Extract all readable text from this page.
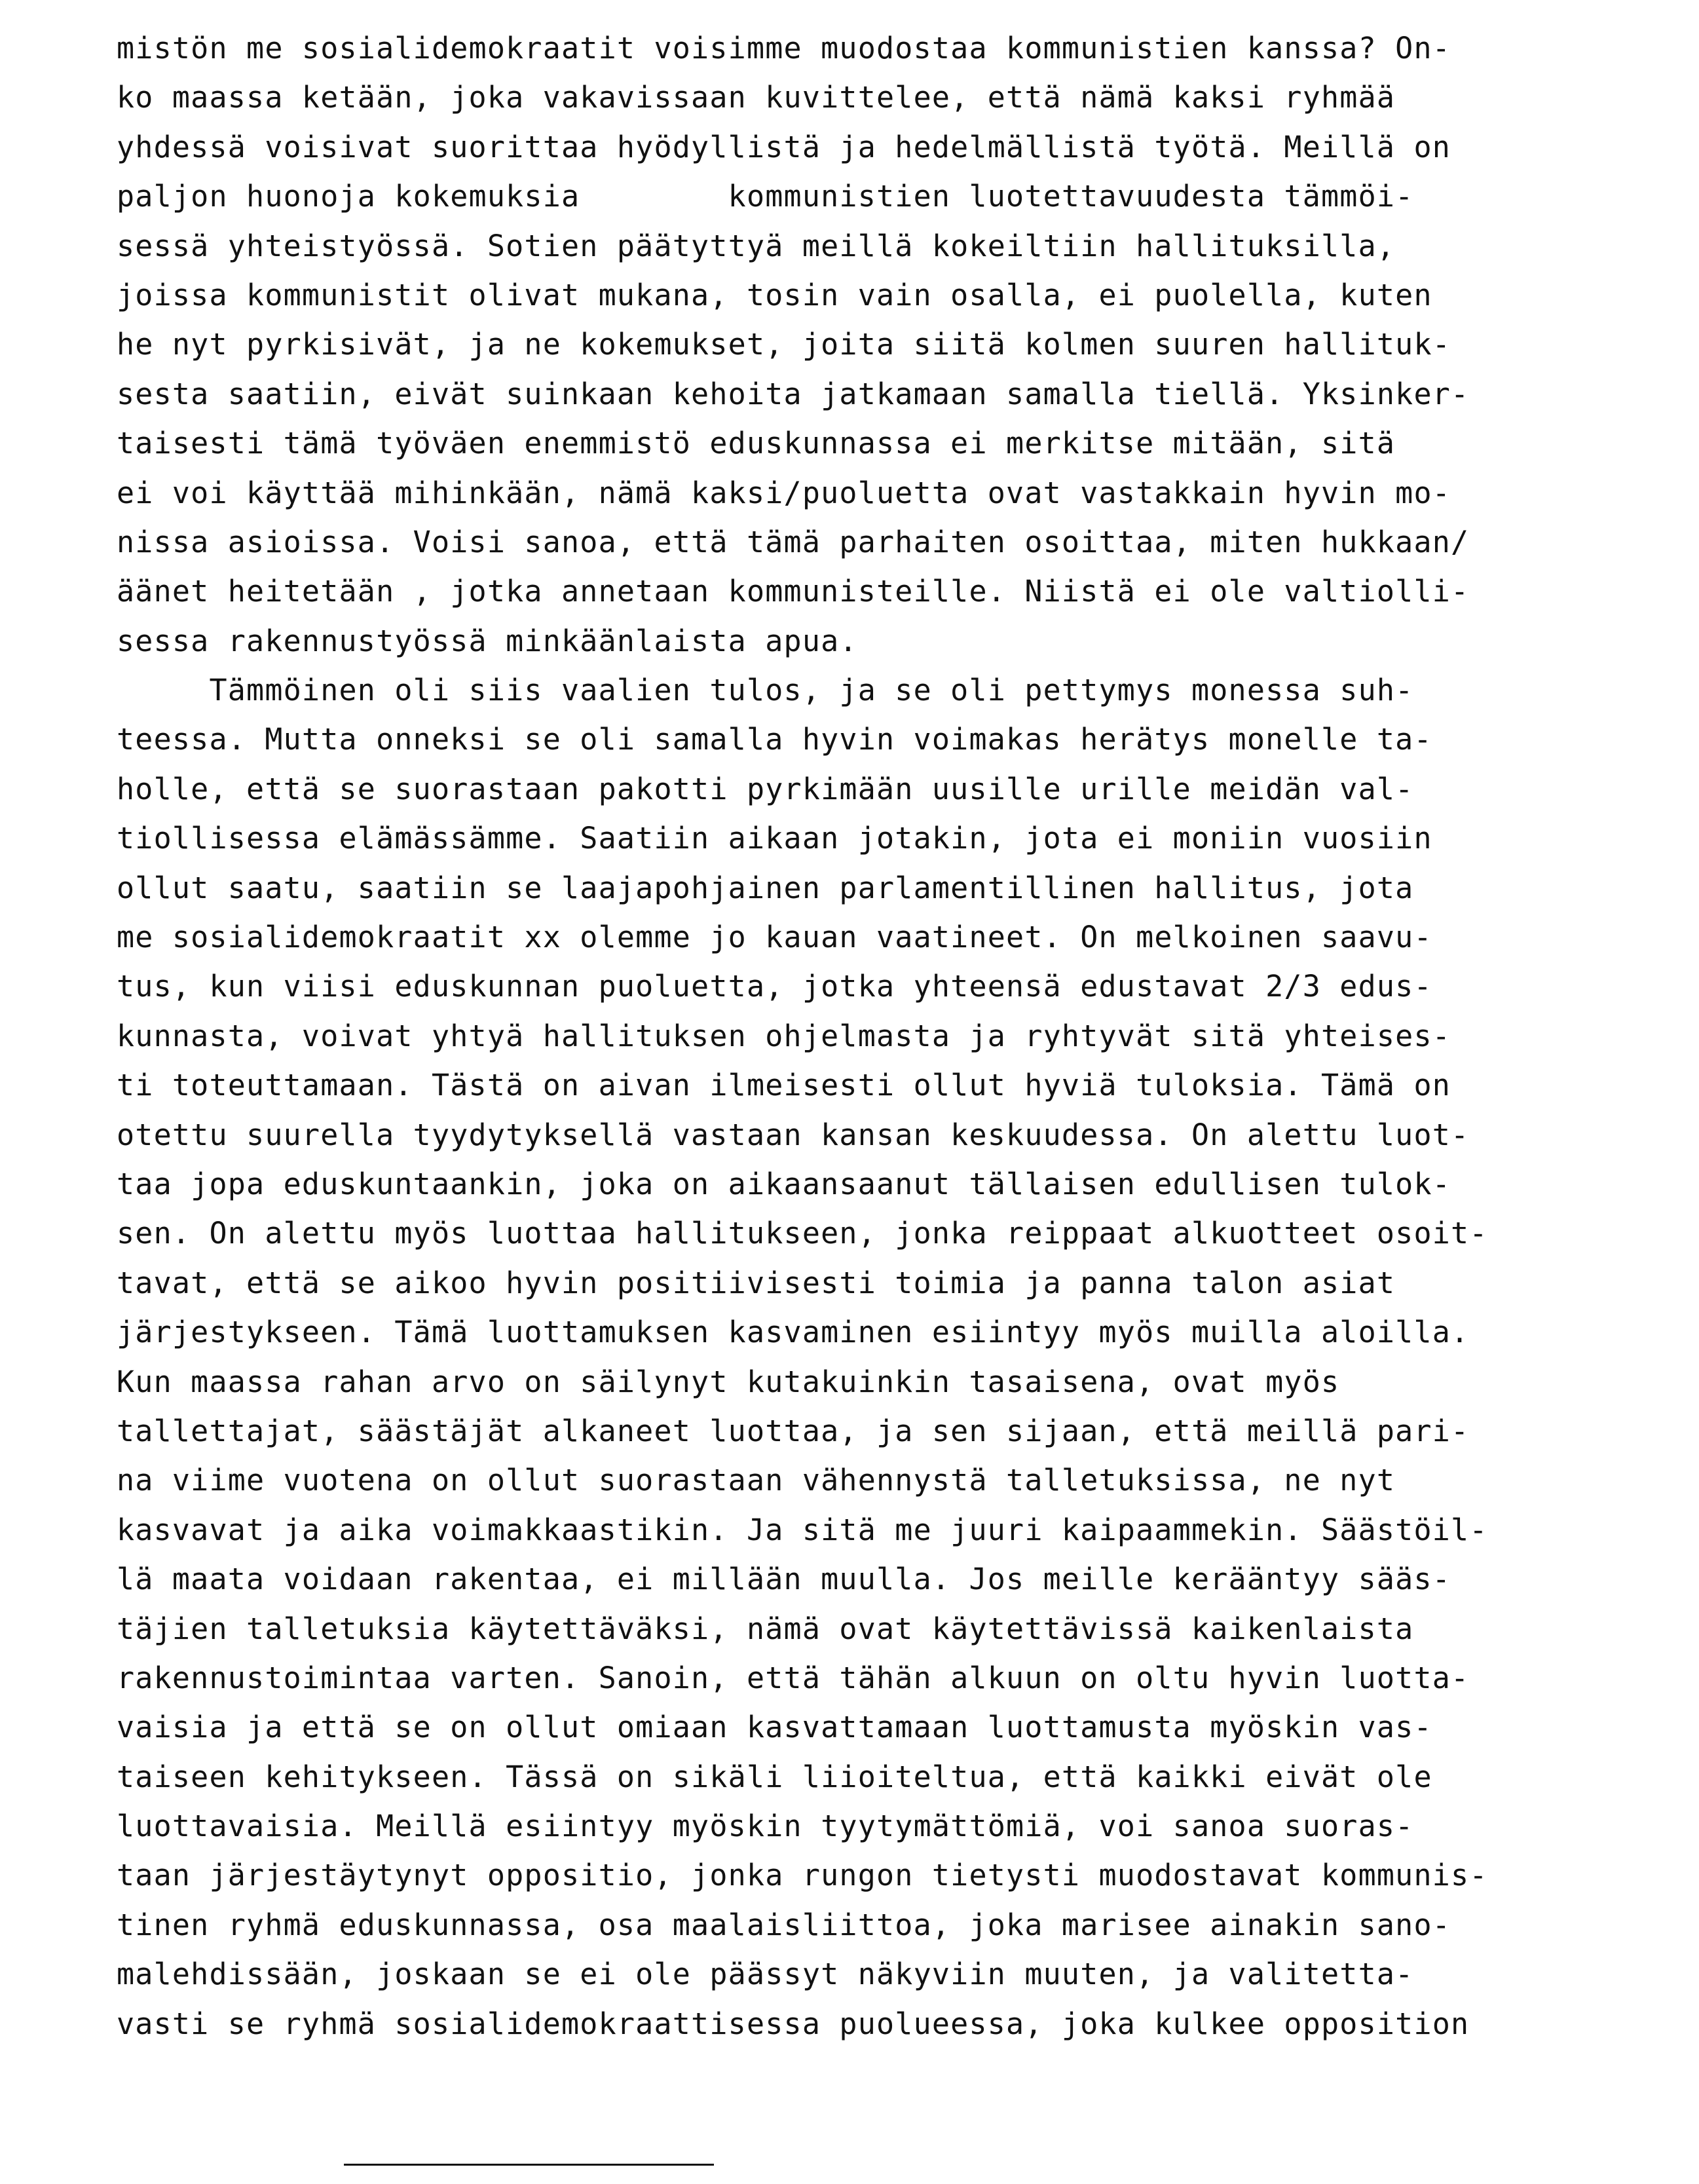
mistön me sosialidemokraatit voisimme muodostaa kommunistien kanssa? On-
ko maassa ketään, joka vakavissaan kuvittelee, että nämä kaksi ryhmää
yhdessä voisivat suorittaa hyödyllistä ja hedelmällistä työtä. Meillä on
paljon huonoja kokemuksia        kommunistien luotettavuudesta tämmöi-
sessä yhteistyössä. Sotien päätyttyä meillä kokeiltiin hallituksilla,
joissa kommunistit olivat mukana, tosin vain osalla, ei puolella, kuten
he nyt pyrkisivät, ja ne kokemukset, joita siitä kolmen suuren hallituk-
sesta saatiin, eivät suinkaan kehoita jatkamaan samalla tiellä. Yksinker-
taisesti tämä työväen enemmistö eduskunnassa ei merkitse mitään, sitä
ei voi käyttää mihinkään, nämä kaksi/puoluetta ovat vastakkain hyvin mo-
nissa asioissa. Voisi sanoa, että tämä parhaiten osoittaa, miten hukkaan/
äänet heitetään , jotka annetaan kommunisteille. Niistä ei ole valtiolli-
sessa rakennustyössä minkäänlaista apua.
Tämmöinen oli siis vaalien tulos, ja se oli pettymys monessa suh-
teessa. Mutta onneksi se oli samalla hyvin voimakas herätys monelle ta-
holle, että se suorastaan pakotti pyrkimään uusille urille meidän val-
tiollisessa elämässämme. Saatiin aikaan jotakin, jota ei moniin vuosiin
ollut saatu, saatiin se laajapohjainen parlamentillinen hallitus, jota
me sosialidemokraatit xx olemme jo kauan vaatineet. On melkoinen saavu-
tus, kun viisi eduskunnan puoluetta, jotka yhteensä edustavat 2/3 edus-
kunnasta, voivat yhtyä hallituksen ohjelmasta ja ryhtyvät sitä yhteises-
ti toteuttamaan. Tästä on aivan ilmeisesti ollut hyviä tuloksia. Tämä on
otettu suurella tyydytyksellä vastaan kansan keskuudessa. On alettu luot-
taa jopa eduskuntaankin, joka on aikaansaanut tällaisen edullisen tulok-
sen. On alettu myös luottaa hallitukseen, jonka reippaat alkuotteet osoit-
tavat, että se aikoo hyvin positiivisesti toimia ja panna talon asiat
järjestykseen. Tämä luottamuksen kasvaminen esiintyy myös muilla aloilla.
Kun maassa rahan arvo on säilynyt kutakuinkin tasaisena, ovat myös
tallettajat, säästäjät alkaneet luottaa, ja sen sijaan, että meillä pari-
na viime vuotena on ollut suorastaan vähennystä talletuksissa, ne nyt
kasvavat ja aika voimakkaastikin. Ja sitä me juuri kaipaammekin. Säästöil-
lä maata voidaan rakentaa, ei millään muulla. Jos meille kerääntyy sääs-
täjien talletuksia käytettäväksi, nämä ovat käytettävissä kaikenlaista
rakennustoimintaa varten. Sanoin, että tähän alkuun on oltu hyvin luotta-
vaisia ja että se on ollut omiaan kasvattamaan luottamusta myöskin vas-
taiseen kehitykseen. Tässä on sikäli liioiteltua, että kaikki eivät ole
luottavaisia. Meillä esiintyy myöskin tyytymättömiä, voi sanoa suoras-
taan järjestäytynyt oppositio, jonka rungon tietysti muodostavat kommunis-
tinen ryhmä eduskunnassa, osa maalaisliittoa, joka marisee ainakin sano-
malehdissään, joskaan se ei ole päässyt näkyviin muuten, ja valitetta-
vasti se ryhmä sosialidemokraattisessa puolueessa, joka kulkee opposition
